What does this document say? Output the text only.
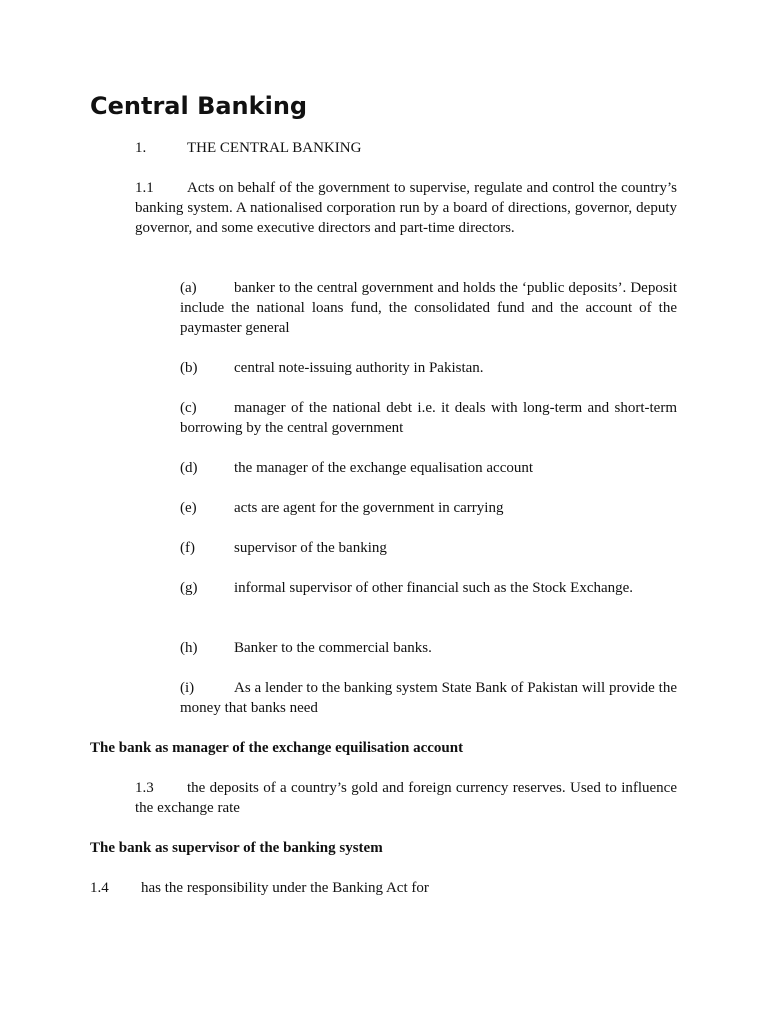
Central Banking
1.	THE CENTRAL BANKING

1.1 Acts on behalf of the government to supervise, regulate and control the country’s banking system. A nationalised corporation run by a board of directions, governor, deputy governor, and some executive directors and part-time directors.

(a) banker to the central government and holds the ‘public deposits’. Deposit include the national loans fund, the consolidated fund and the account of the paymaster general

(b) central note-issuing authority in Pakistan.

(c) manager of the national debt i.e. it deals with long-term and short-term borrowing by the central government

(d) the manager of the exchange equalisation account

(e) acts are agent for the government in carrying

(f)	supervisor of the banking

(g) informal supervisor of other financial such as the Stock Exchange.

(h) Banker to the commercial banks.

(i)	As a lender to the banking system State Bank of Pakistan will provide the money that banks need

The bank as manager of the exchange equilisation account

1.3 the deposits of a country’s gold and foreign currency reserves. Used to influence the exchange rate

The bank as supervisor of the banking system

1.4 has the responsibility under the Banking Act for
